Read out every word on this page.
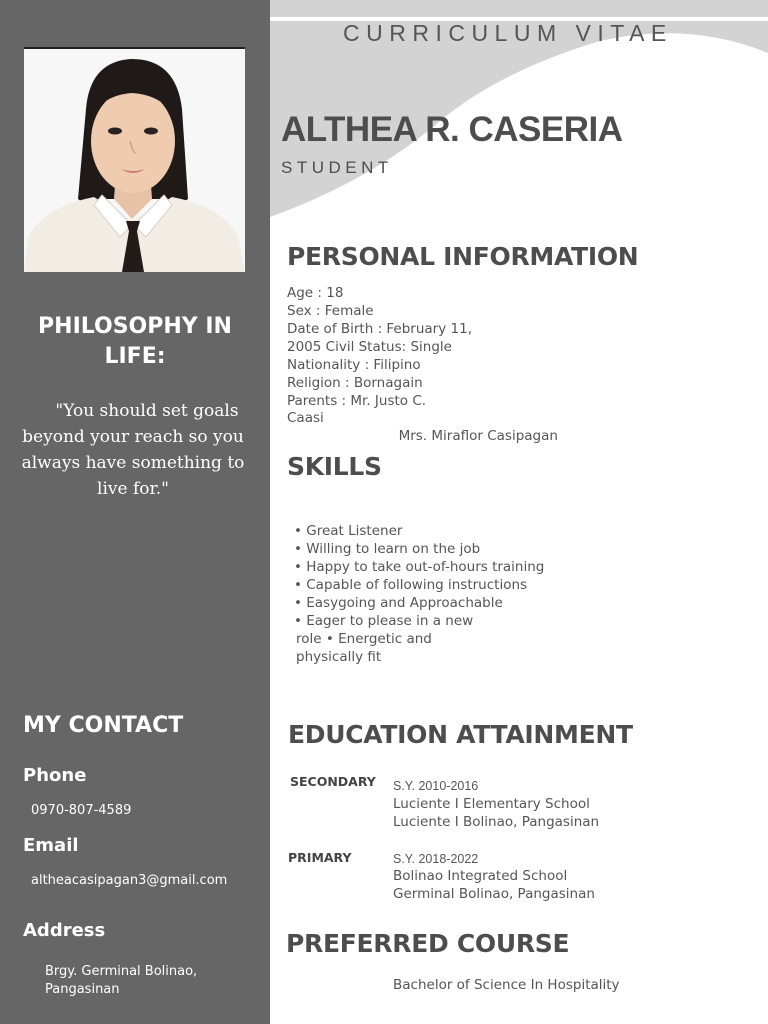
PHILOSOPHY IN LIFE:
"You should set goals beyond your reach so you always have something to live for."
MY CONTACT
Phone
0970-807-4589
Email
altheacasipagan3@gmail.com
Address
Brgy. Germinal Bolinao,
Pangasinan
CURRICULUM VITAE
ALTHEA R. CASERIA
STUDENT
PERSONAL INFORMATION
Age : 18
Sex : Female
Date of Birth : February 11,
2005 Civil Status: Single
Nationality : Filipino
Religion : Bornagain
Parents : Mr. Justo C.
Caasi
Mrs. Miraflor Casipagan
SKILLS
• Great Listener
• Willing to learn on the job
• Happy to take out-of-hours training
• Capable of following instructions
• Easygoing and Approachable
• Eager to please in a new
role • Energetic and
physically fit
EDUCATION ATTAINMENT
SECONDARY S.Y. 2010-2016
Luciente I Elementary School
Luciente I Bolinao, Pangasinan
PRIMARY	S.Y. 2018-2022
Bolinao Integrated School
Germinal Bolinao, Pangasinan
PREFERRED COURSE
Bachelor of Science In Hospitality
